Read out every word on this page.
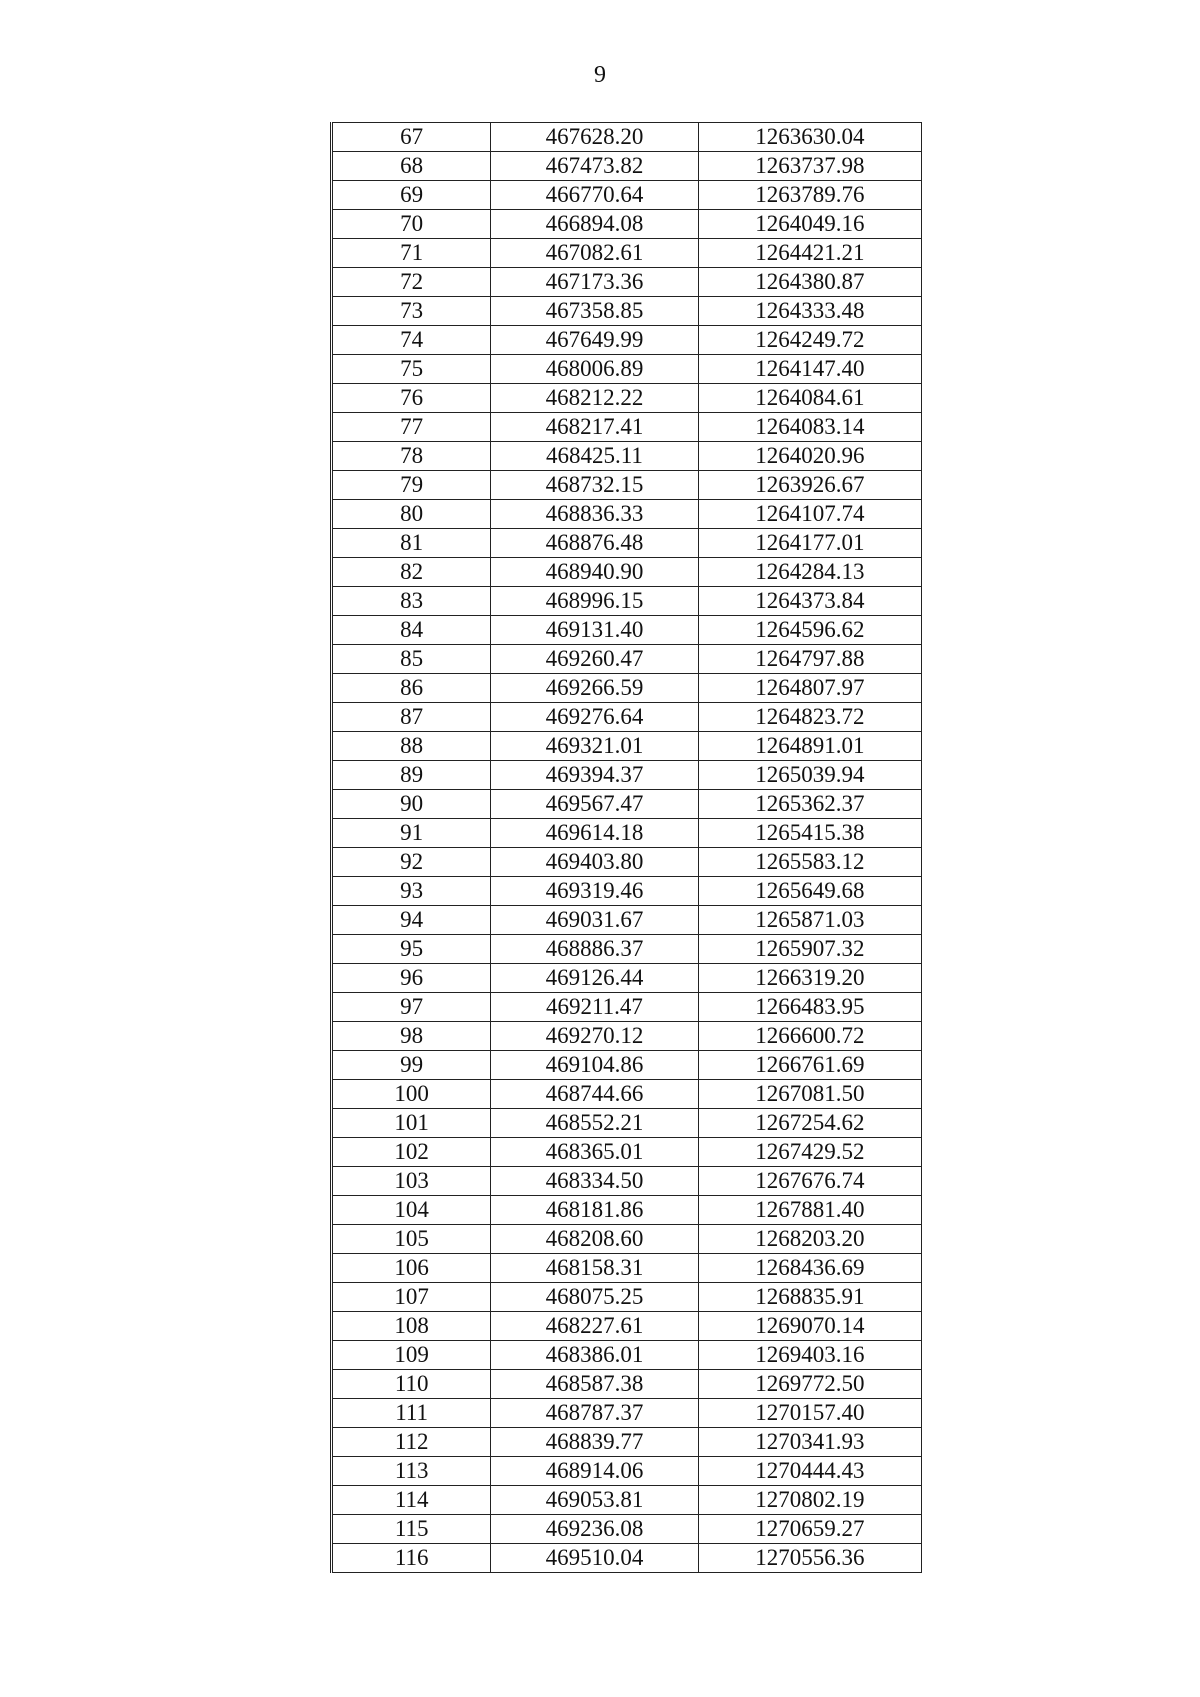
9
67	467628.20	1263630.04
68	467473.82	1263737.98
69	466770.64	1263789.76
70	466894.08	1264049.16
71	467082.61	1264421.21
72	467173.36	1264380.87
73	467358.85	1264333.48
74	467649.99	1264249.72
75	468006.89	1264147.40
76	468212.22	1264084.61
77	468217.41	1264083.14
78	468425.11	1264020.96
79	468732.15	1263926.67
80	468836.33	1264107.74
81	468876.48	1264177.01
82	468940.90	1264284.13
83	468996.15	1264373.84
84	469131.40	1264596.62
85	469260.47	1264797.88
86	469266.59	1264807.97
87	469276.64	1264823.72
88	469321.01	1264891.01
89	469394.37	1265039.94
90	469567.47	1265362.37
91	469614.18	1265415.38
92	469403.80	1265583.12
93	469319.46	1265649.68
94	469031.67	1265871.03
95	468886.37	1265907.32
96	469126.44	1266319.20
97	469211.47	1266483.95
98	469270.12	1266600.72
99	469104.86	1266761.69
100	468744.66	1267081.50
101	468552.21	1267254.62
102	468365.01	1267429.52
103	468334.50	1267676.74
104	468181.86	1267881.40
105	468208.60	1268203.20
106	468158.31	1268436.69
107	468075.25	1268835.91
108	468227.61	1269070.14
109	468386.01	1269403.16
110	468587.38	1269772.50
111	468787.37	1270157.40
112	468839.77	1270341.93
113	468914.06	1270444.43
114	469053.81	1270802.19
115	469236.08	1270659.27
116	469510.04	1270556.36
